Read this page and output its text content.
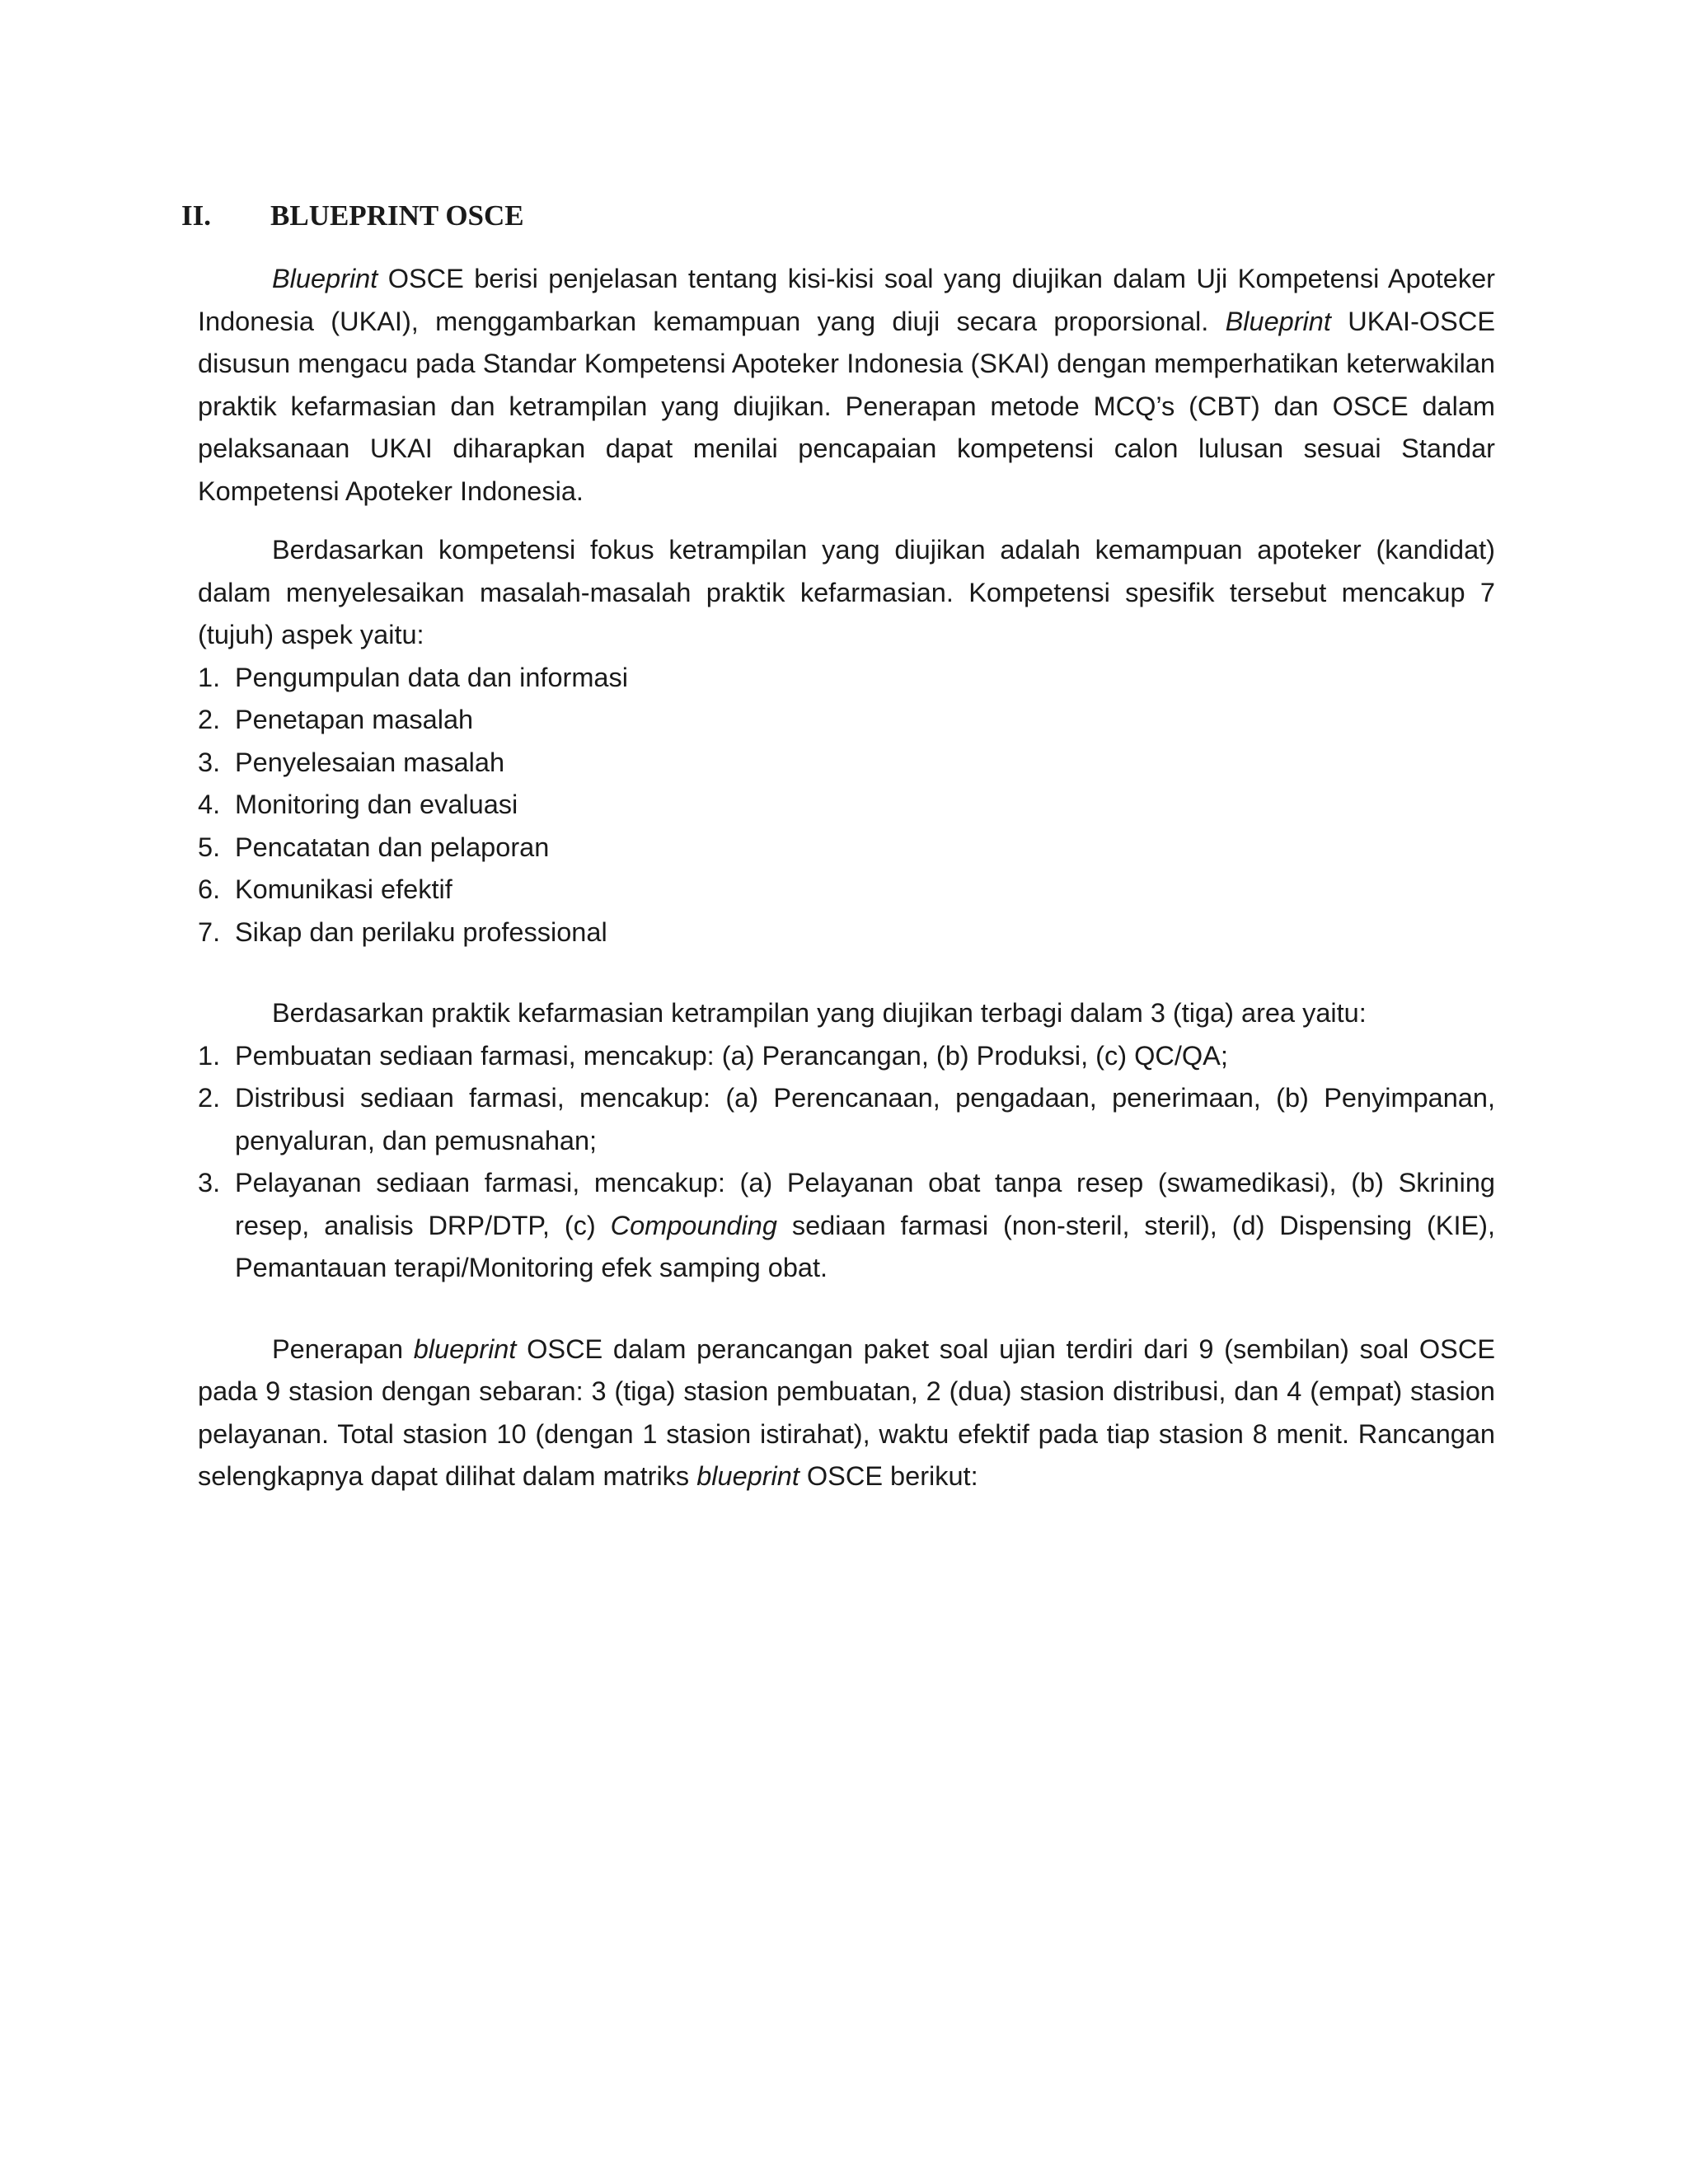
II.	BLUEPRINT OSCE

Blueprint OSCE berisi penjelasan tentang kisi-kisi soal yang diujikan dalam Uji Kompetensi Apoteker Indonesia (UKAI), menggambarkan kemampuan yang diuji secara proporsional. Blueprint UKAI-OSCE disusun mengacu pada Standar Kompetensi Apoteker Indonesia (SKAI) dengan memperhatikan keterwakilan praktik kefarmasian dan ketrampilan yang diujikan. Penerapan metode MCQ’s (CBT) dan OSCE dalam pelaksanaan UKAI diharapkan dapat menilai pencapaian kompetensi calon lulusan sesuai Standar Kompetensi Apoteker Indonesia.

Berdasarkan kompetensi fokus ketrampilan yang diujikan adalah kemampuan apoteker (kandidat) dalam menyelesaikan masalah-masalah praktik kefarmasian. Kompetensi spesifik tersebut mencakup 7 (tujuh) aspek yaitu:

1. Pengumpulan data dan informasi
2. Penetapan masalah
3. Penyelesaian masalah
4. Monitoring dan evaluasi
5. Pencatatan dan pelaporan
6. Komunikasi efektif
7. Sikap dan perilaku professional

Berdasarkan praktik kefarmasian ketrampilan yang diujikan terbagi dalam 3 (tiga) area yaitu:

1. Pembuatan sediaan farmasi, mencakup: (a) Perancangan, (b) Produksi, (c) QC/QA;
2. Distribusi sediaan farmasi, mencakup: (a) Perencanaan, pengadaan, penerimaan, (b) Penyimpanan, penyaluran, dan pemusnahan;
3. Pelayanan sediaan farmasi, mencakup: (a) Pelayanan obat tanpa resep (swamedikasi), (b) Skrining resep, analisis DRP/DTP, (c) Compounding sediaan farmasi (non-steril, steril), (d) Dispensing (KIE), Pemantauan terapi/Monitoring efek samping obat.

Penerapan blueprint OSCE dalam perancangan paket soal ujian terdiri dari 9 (sembilan) soal OSCE pada 9 stasion dengan sebaran: 3 (tiga) stasion pembuatan, 2 (dua) stasion distribusi, dan 4 (empat) stasion pelayanan. Total stasion 10 (dengan 1 stasion istirahat), waktu efektif pada tiap stasion 8 menit. Rancangan selengkapnya dapat dilihat dalam matriks blueprint OSCE berikut:
